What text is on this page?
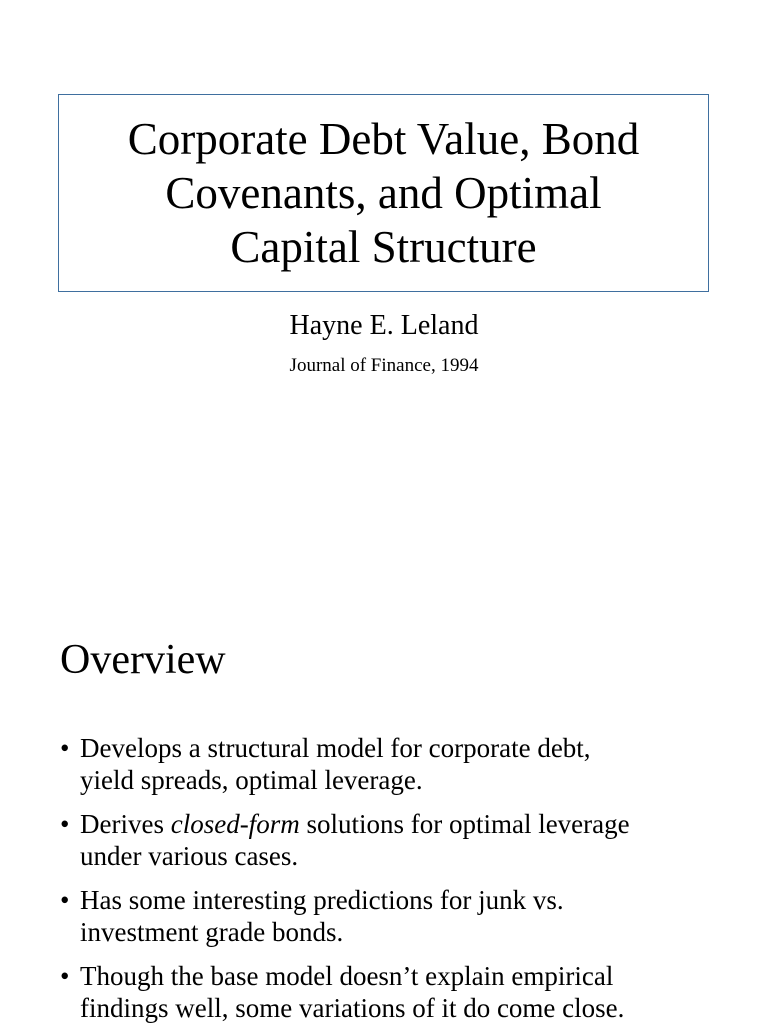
Corporate Debt Value, Bond
Covenants, and Optimal
Capital Structure
Hayne E. Leland
Journal of Finance, 1994
Overview
• Develops a structural model for corporate debt,
yield spreads, optimal leverage.
• Derives closed-form solutions for optimal leverage
under various cases.
• Has some interesting predictions for junk vs.
investment grade bonds.
• Though the base model doesn’t explain empirical
findings well, some variations of it do come close.
